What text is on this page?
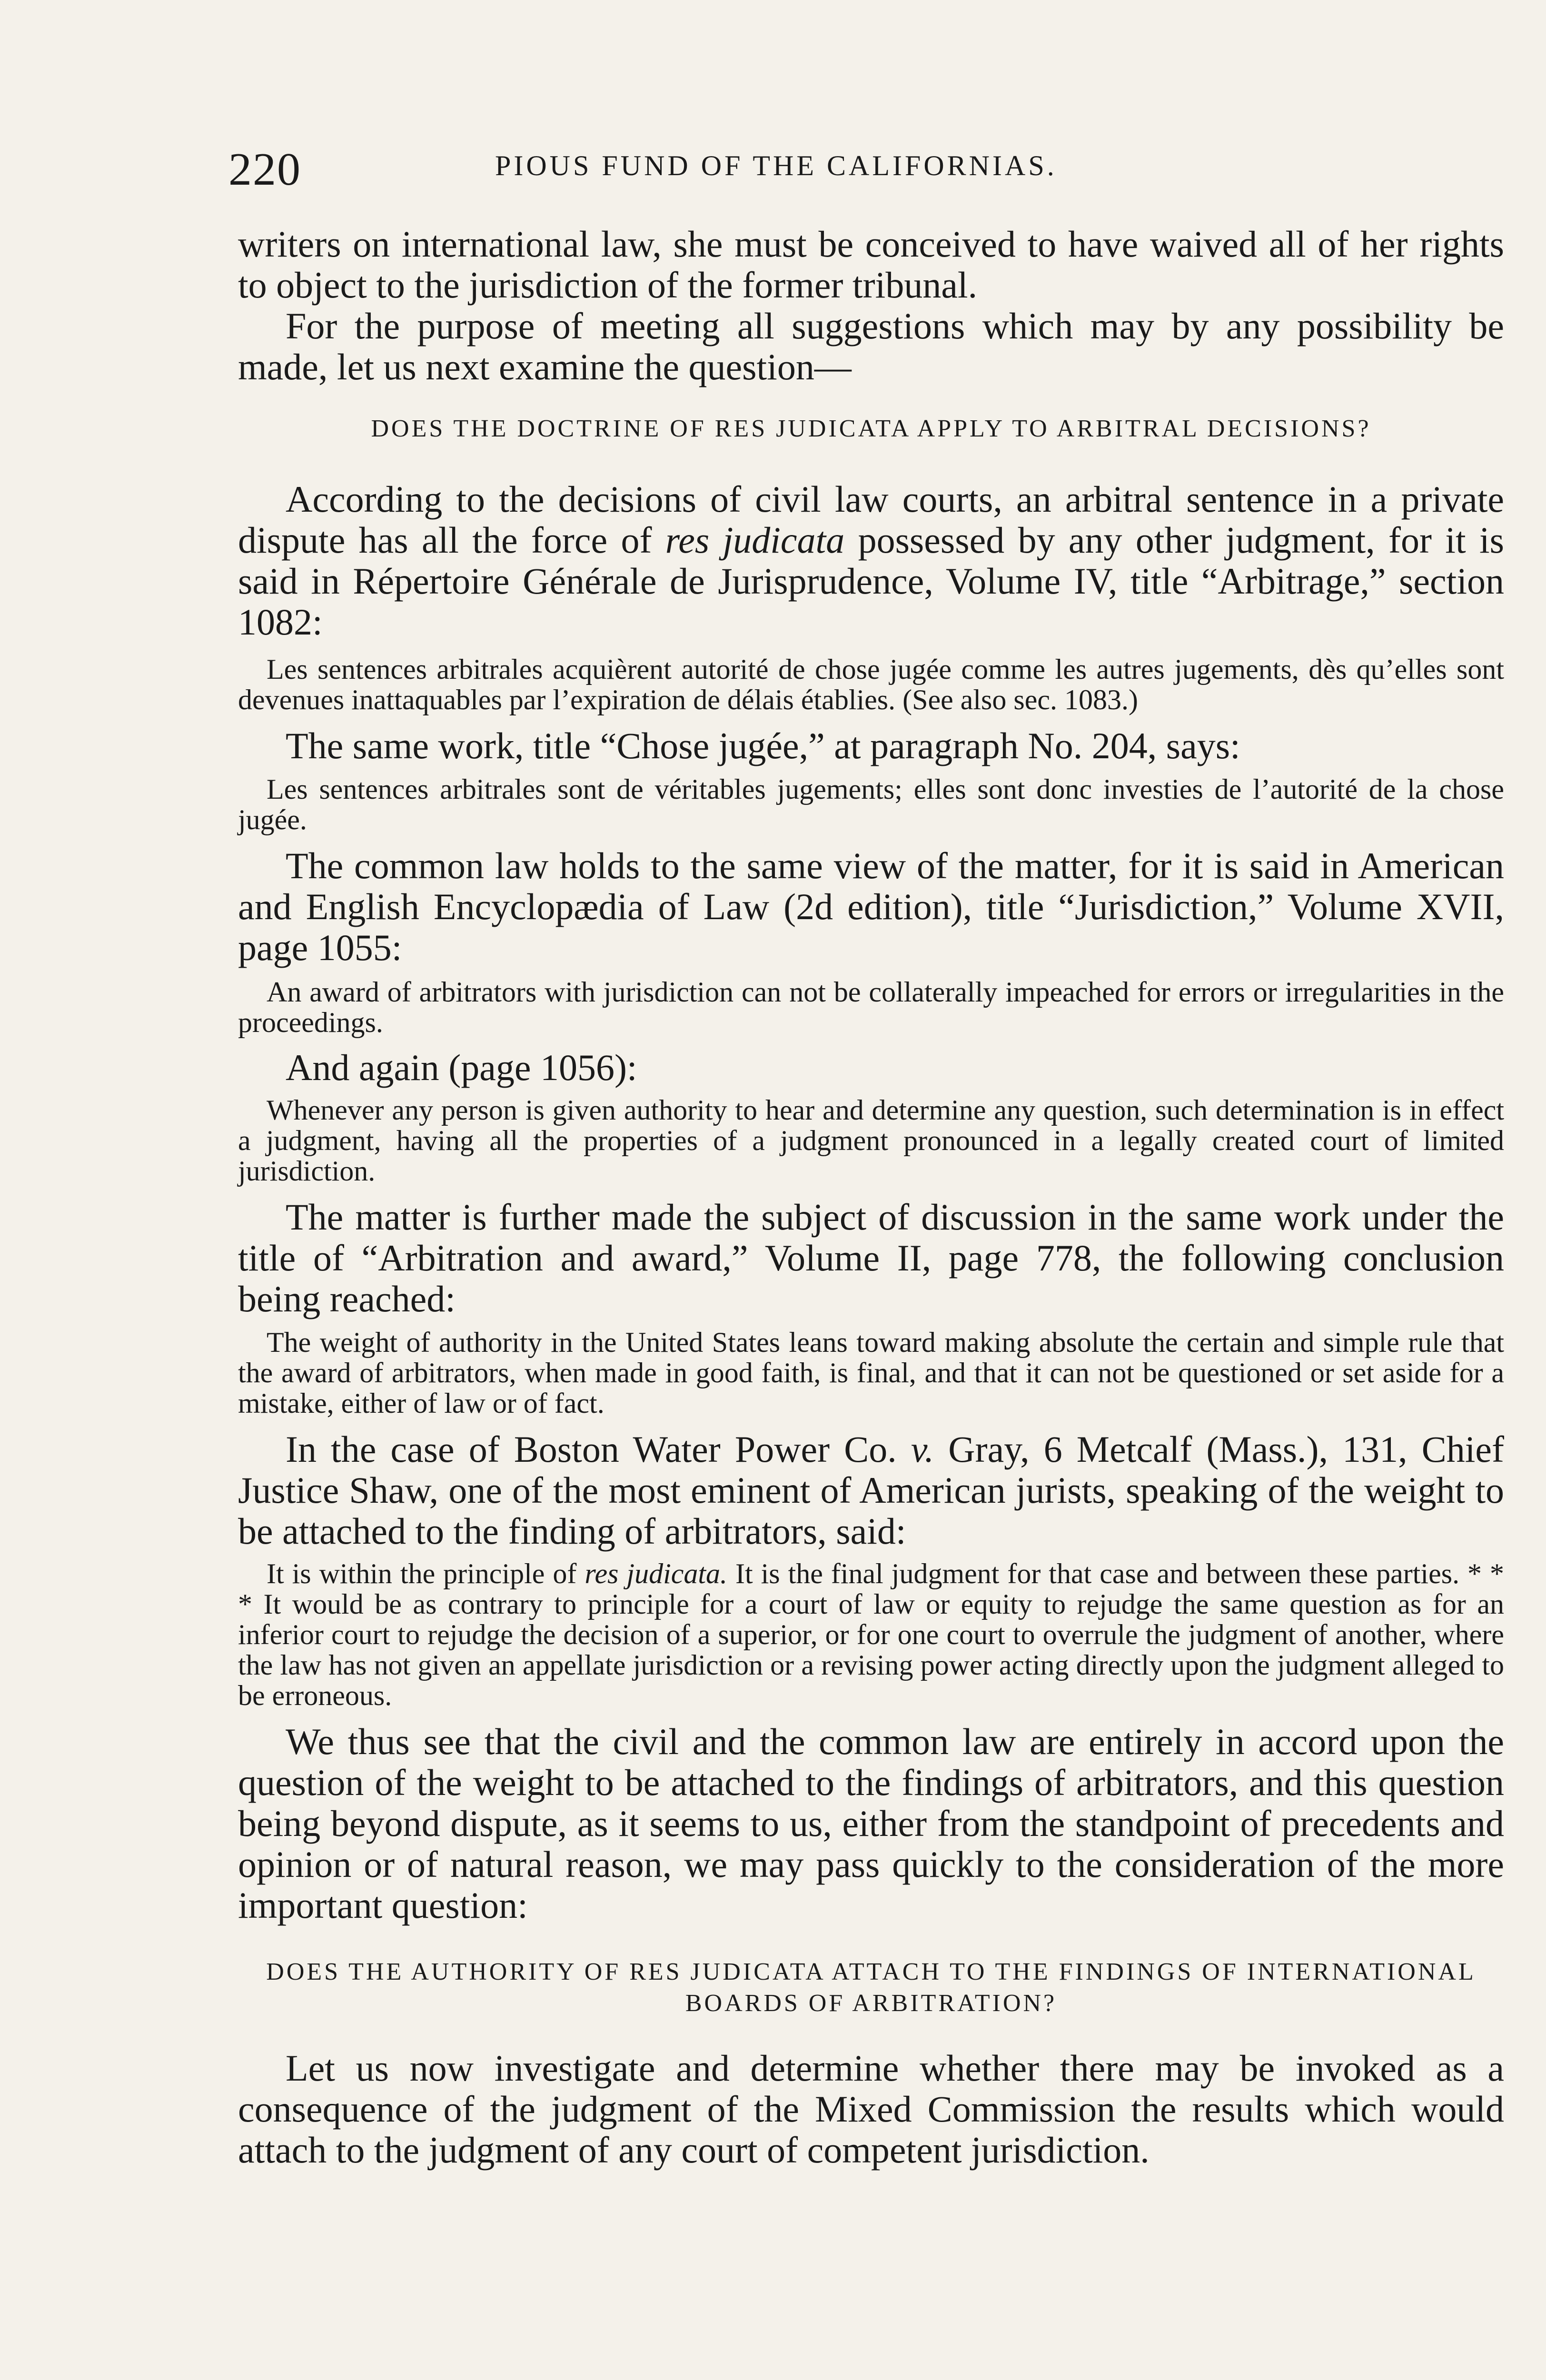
220	PIOUS FUND OF THE CALIFORNIAS.

writers on international law, she must be conceived to have waived all of her rights to object to the jurisdiction of the former tribunal.

For the purpose of meeting all suggestions which may by any possibility be made, let us next examine the question—

DOES THE DOCTRINE OF RES JUDICATA APPLY TO ARBITRAL DECISIONS?

According to the decisions of civil law courts, an arbitral sentence in a private dispute has all the force of res judicata possessed by any other judgment, for it is said in Répertoire Générale de Jurisprudence, Volume IV, title “Arbitrage,” section 1082:

Les sentences arbitrales acquièrent autorité de chose jugée comme les autres jugements, dès qu’elles sont devenues inattaquables par l’expiration de délais établies. (See also sec. 1083.)

The same work, title “Chose jugée,” at paragraph No. 204, says:

Les sentences arbitrales sont de véritables jugements; elles sont donc investies de l’autorité de la chose jugée.

The common law holds to the same view of the matter, for it is said in American and English Encyclopædia of Law (2d edition), title “Jurisdiction,” Volume XVII, page 1055:

An award of arbitrators with jurisdiction can not be collaterally impeached for errors or irregularities in the proceedings.

And again (page 1056):

Whenever any person is given authority to hear and determine any question, such determination is in effect a judgment, having all the properties of a judgment pronounced in a legally created court of limited jurisdiction.

The matter is further made the subject of discussion in the same work under the title of “Arbitration and award,” Volume II, page 778, the following conclusion being reached:

The weight of authority in the United States leans toward making absolute the certain and simple rule that the award of arbitrators, when made in good faith, is final, and that it can not be questioned or set aside for a mistake, either of law or of fact.

In the case of Boston Water Power Co. v. Gray, 6 Metcalf (Mass.), 131, Chief Justice Shaw, one of the most eminent of American jurists, speaking of the weight to be attached to the finding of arbitrators, said:

It is within the principle of res judicata. It is the final judgment for that case and between these parties. * * * It would be as contrary to principle for a court of law or equity to rejudge the same question as for an inferior court to rejudge the decision of a superior, or for one court to overrule the judgment of another, where the law has not given an appellate jurisdiction or a revising power acting directly upon the judgment alleged to be erroneous.

We thus see that the civil and the common law are entirely in accord upon the question of the weight to be attached to the findings of arbitrators, and this question being beyond dispute, as it seems to us, either from the standpoint of precedents and opinion or of natural reason, we may pass quickly to the consideration of the more important question:

DOES THE AUTHORITY OF RES JUDICATA ATTACH TO THE FINDINGS OF INTERNATIONAL BOARDS OF ARBITRATION?

Let us now investigate and determine whether there may be invoked as a consequence of the judgment of the Mixed Commission the results which would attach to the judgment of any court of competent jurisdiction.
